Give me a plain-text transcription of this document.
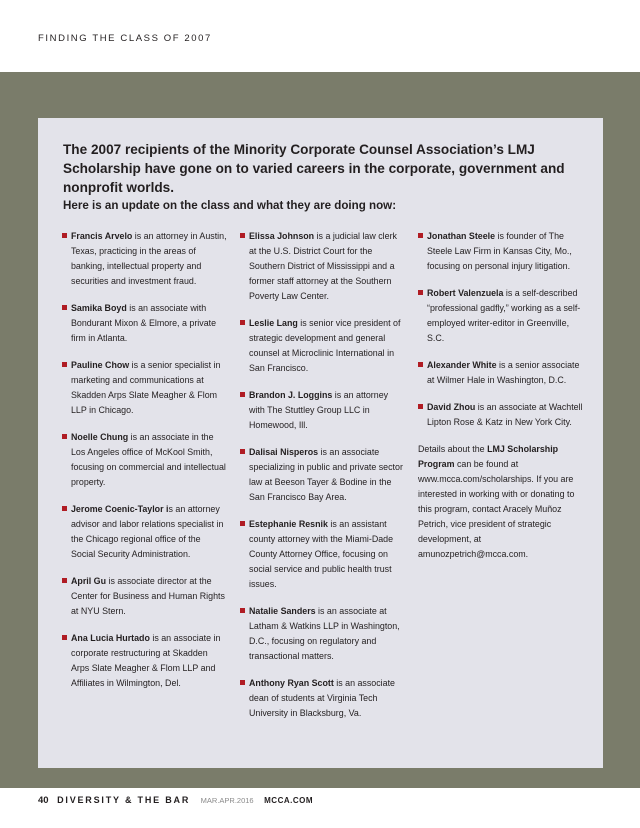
FINDING THE CLASS OF 2007
The 2007 recipients of the Minority Corporate Counsel Association’s LMJ Scholarship have gone on to varied careers in the corporate, government and nonprofit worlds.
Here is an update on the class and what they are doing now:

Francis Arvelo is an attorney in Austin, Texas, practicing in the areas of banking, intellectual property and securities and investment fraud.

Samika Boyd is an associate with Bondurant Mixon & Elmore, a private firm in Atlanta.

Pauline Chow is a senior specialist in marketing and communications at Skadden Arps Slate Meagher & Flom LLP in Chicago.

Noelle Chung is an associate in the Los Angeles office of McKool Smith, focusing on commercial and intellectual property.

Jerome Coenic-Taylor is an attorney advisor and labor relations specialist in the Chicago regional office of the Social Security Administration.

April Gu is associate director at the Center for Business and Human Rights at NYU Stern.

Ana Lucia Hurtado is an associate in corporate restructuring at Skadden Arps Slate Meagher & Flom LLP and Affiliates in Wilmington, Del.

Elissa Johnson is a judicial law clerk at the U.S. District Court for the Southern District of Mississippi and a former staff attorney at the Southern Poverty Law Center.

Leslie Lang is senior vice president of strategic development and general counsel at Microclinic International in San Francisco.

Brandon J. Loggins is an attorney with The Stuttley Group LLC in Homewood, Ill.

Dalisai Nisperos is an associate specializing in public and private sector law at Beeson Tayer & Bodine in the San Francisco Bay Area.

Estephanie Resnik is an assistant county attorney with the Miami-Dade County Attorney Office, focusing on social service and public health trust issues.

Natalie Sanders is an associate at Latham & Watkins LLP in Washington, D.C., focusing on regulatory and transactional matters.

Anthony Ryan Scott is an associate dean of students at Virginia Tech University in Blacksburg, Va.

Jonathan Steele is founder of The Steele Law Firm in Kansas City, Mo., focusing on personal injury litigation.

Robert Valenzuela is a self-described “professional gadfly,” working as a self-employed writer-editor in Greenville, S.C.

Alexander White is a senior associate at Wilmer Hale in Washington, D.C.

David Zhou is an associate at Wachtell Lipton Rose & Katz in New York City.

Details about the LMJ Scholarship Program can be found at www.mcca.com/scholarships. If you are interested in working with or donating to this program, contact Aracely Muñoz Petrich, vice president of strategic development, at amunozpetrich@mcca.com.

40 DIVERSITY & THE BAR MAR.APR.2016 MCCA.COM
